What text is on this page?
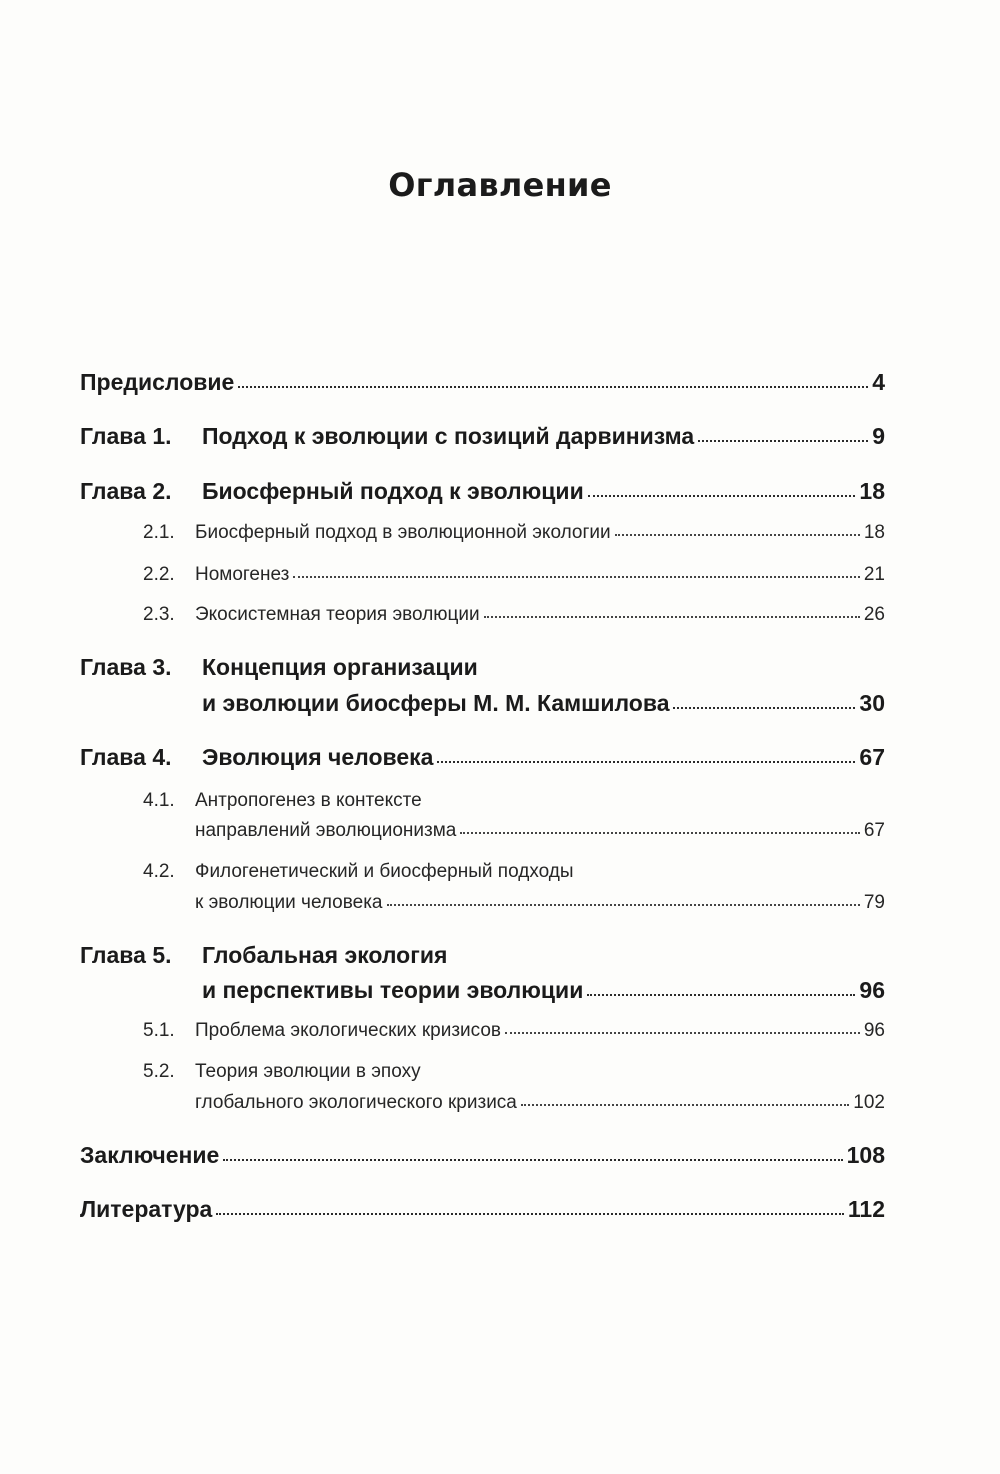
Оглавление
Предисловие	4
Глава 1.	Подход к эволюции с позиций дарвинизма	9
Глава 2.	Биосферный подход к эволюции	18
2.1.	Биосферный подход в эволюционной экологии	18
2.2.	Номогенез	21
2.3.	Экосистемная теория эволюции	26
Глава 3. Концепция организации
и эволюции биосферы М. М. Камшилова	30
Глава 4.	Эволюция человека	67
4.1. Антропогенез в контексте
направлений эволюционизма	67
4.2. Филогенетический и биосферный подходы
к эволюции человека	79
Глава 5. Глобальная экология
и перспективы теории эволюции	96
5.1.	Проблема экологических кризисов	96
5.2. Теория эволюции в эпоху
глобального экологического кризиса	102
Заключение	108
Литература	112
